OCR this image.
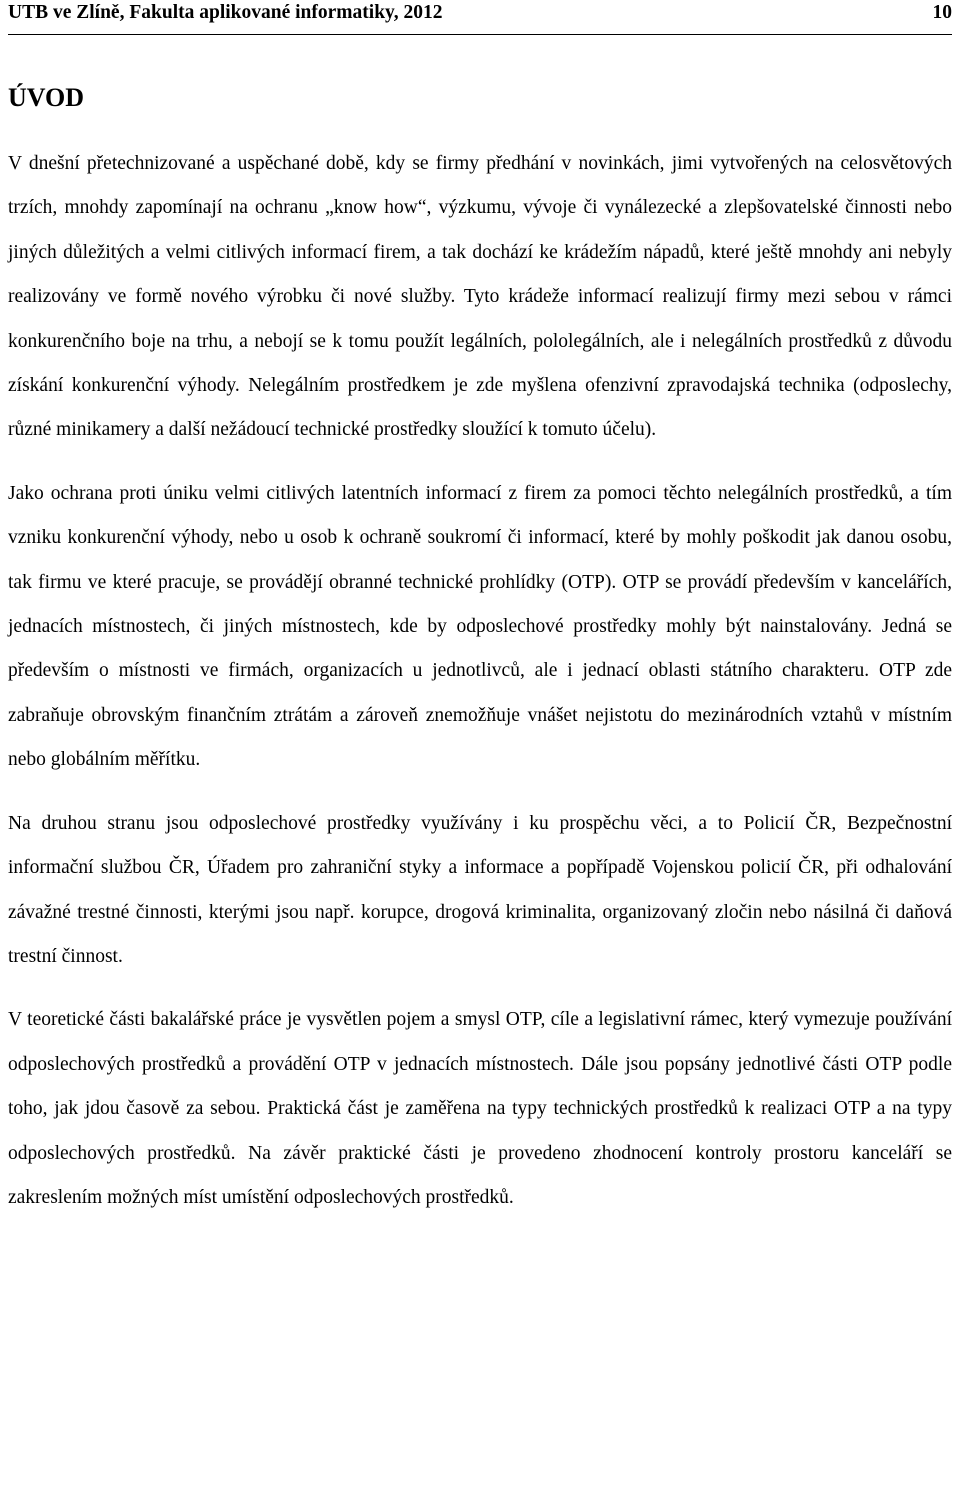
UTB ve Zlíně, Fakulta aplikované informatiky, 2012	10
ÚVOD

V dnešní přetechnizované a uspěchané době, kdy se firmy předhání v novinkách, jimi vytvořených na celosvětových trzích, mnohdy zapomínají na ochranu „know how“, výzkumu, vývoje či vynálezecké a zlepšovatelské činnosti nebo jiných důležitých a velmi citlivých informací firem, a tak dochází ke krádežím nápadů, které ještě mnohdy ani nebyly realizovány ve formě nového výrobku či nové služby. Tyto krádeže informací realizují firmy mezi sebou v rámci konkurenčního boje na trhu, a nebojí se k tomu použít legálních, pololegálních, ale i nelegálních prostředků z důvodu získání konkurenční výhody. Nelegálním prostředkem je zde myšlena ofenzivní zpravodajská technika (odposlechy, různé minikamery a další nežádoucí technické prostředky sloužící k tomuto účelu).

Jako ochrana proti úniku velmi citlivých latentních informací z firem za pomoci těchto nelegálních prostředků, a tím vzniku konkurenční výhody, nebo u osob k ochraně soukromí či informací, které by mohly poškodit jak danou osobu, tak firmu ve které pracuje, se provádějí obranné technické prohlídky (OTP). OTP se provádí především v kancelářích, jednacích místnostech, či jiných místnostech, kde by odposlechové prostředky mohly být nainstalovány. Jedná se především o místnosti ve firmách, organizacích u jednotlivců, ale i jednací oblasti státního charakteru. OTP zde zabraňuje obrovským finančním ztrátám a zároveň znemožňuje vnášet nejistotu do mezinárodních vztahů v místním nebo globálním měřítku.

Na druhou stranu jsou odposlechové prostředky využívány i ku prospěchu věci, a to Policií ČR, Bezpečnostní informační službou ČR, Úřadem pro zahraniční styky a informace a popřípadě Vojenskou policií ČR, při odhalování závažné trestné činnosti, kterými jsou např. korupce, drogová kriminalita, organizovaný zločin nebo násilná či daňová trestní činnost.

V teoretické části bakalářské práce je vysvětlen pojem a smysl OTP, cíle a legislativní rámec, který vymezuje používání odposlechových prostředků a provádění OTP v jednacích místnostech. Dále jsou popsány jednotlivé části OTP podle toho, jak jdou časově za sebou. Praktická část je zaměřena na typy technických prostředků k realizaci OTP a na typy odposlechových prostředků. Na závěr praktické části je provedeno zhodnocení kontroly prostoru kanceláří se zakreslením možných míst umístění odposlechových prostředků.
